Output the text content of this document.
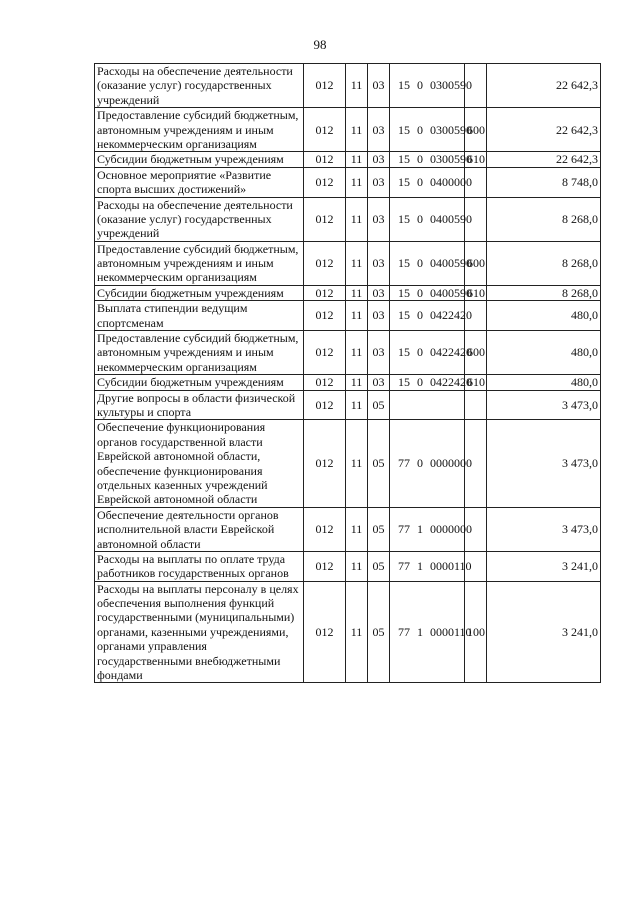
98
Расходы на обеспечение деятельности (оказание услуг) государственных учреждений	012	11	03	15 0 03 00590		22 642,3
Предоставление субсидий бюджетным, автономным учреждениям и иным некоммерческим организациям	012	11	03	15 0 03 00590	600	22 642,3
Субсидии бюджетным учреждениям	012	11	03	15 0 03 00590	610	22 642,3
Основное мероприятие «Развитие спорта высших достижений»	012	11	03	15 0 04 00000		8 748,0
Расходы на обеспечение деятельности (оказание услуг) государственных учреждений	012	11	03	15 0 04 00590		8 268,0
Предоставление субсидий бюджетным, автономным учреждениям и иным некоммерческим организациям	012	11	03	15 0 04 00590	600	8 268,0
Субсидии бюджетным учреждениям	012	11	03	15 0 04 00590	610	8 268,0
Выплата стипендии ведущим спортсменам	012	11	03	15 0 04 22420		480,0
Предоставление субсидий бюджетным, автономным учреждениям и иным некоммерческим организациям	012	11	03	15 0 04 22420	600	480,0
Субсидии бюджетным учреждениям	012	11	03	15 0 04 22420	610	480,0
Другие вопросы в области физической культуры и спорта	012	11	05			3 473,0
Обеспечение функционирования органов государственной власти Еврейской автономной области, обеспечение функционирования отдельных казенных учреждений Еврейской автономной области	012	11	05	77 0 00 00000		3 473,0
Обеспечение деятельности органов исполнительной власти Еврейской автономной области	012	11	05	77 1 00 00000		3 473,0
Расходы на выплаты по оплате труда работников государственных органов	012	11	05	77 1 00 00110		3 241,0
Расходы на выплаты персоналу в целях обеспечения выполнения функций государственными (муниципальными) органами, казенными учреждениями, органами управления государственными внебюджетными фондами	012	11	05	77 1 00 00110	100	3 241,0
